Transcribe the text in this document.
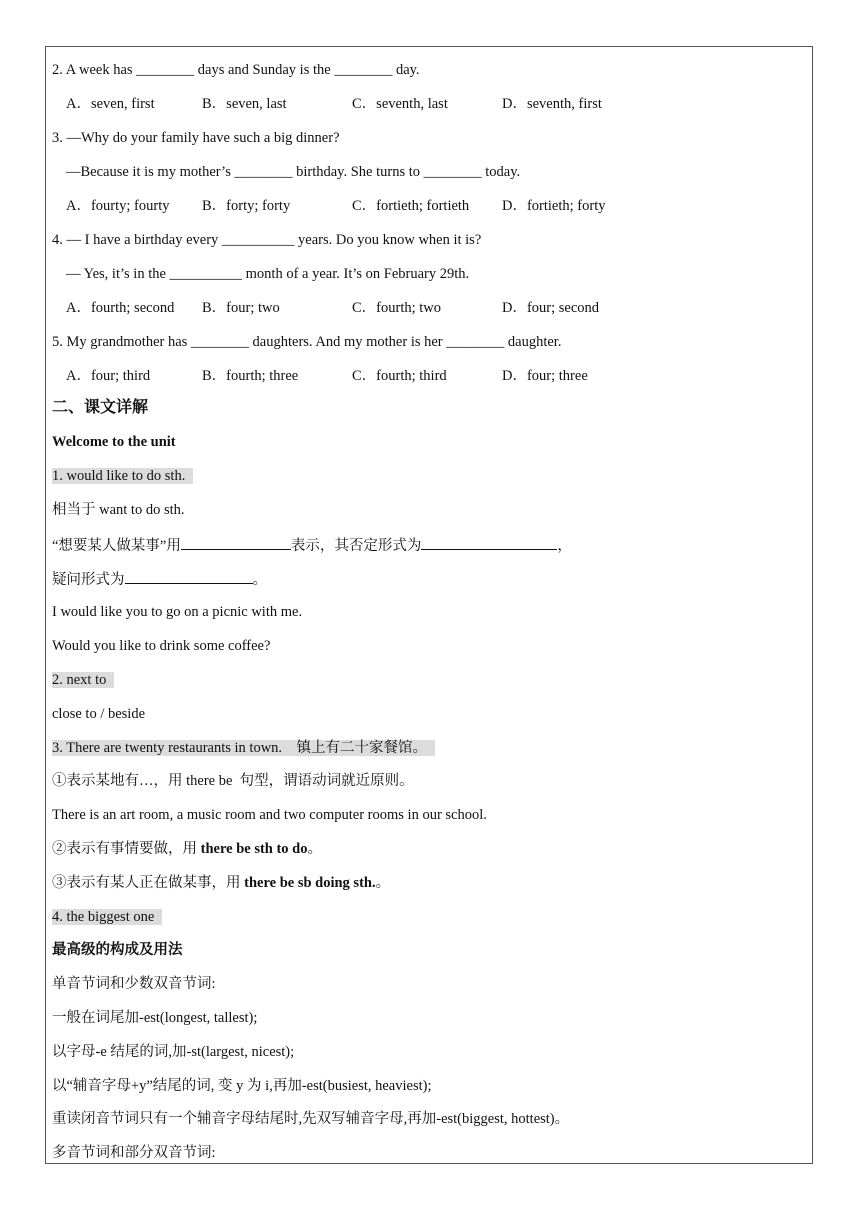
2. A week has ________ days and Sunday is the ________ day.
A．seven, first	B．seven, last	C．seventh, last	D．seventh, first
3. —Why do your family have such a big dinner?
—Because it is my mother’s ________ birthday. She turns to ________ today.
A．fourty; fourty B．forty; forty	C．fortieth; fortieth D．fortieth; forty
4. — I have a birthday every __________ years. Do you know when it is?
— Yes, it’s in the __________ month of a year. It’s on February 29th.
A．fourth; second B．four; two	C．fourth; two	D．four; second
5. My grandmother has ________ daughters. And my mother is her ________ daughter.
A．four; third	B．fourth; three	C．fourth; third	D．four; three
二、课文详解
Welcome to the unit
1. would like to do sth.
相当于 want to do sth.
“想要某人做某事”用	表示，其否定形式为	，
疑问形式为	。
I would like you to go on a picnic with me.
Would you like to drink some coffee?
2. next to
close to / beside
3. There are twenty restaurants in town.    镇上有二十家餐馆。
①表示某地有…，用 there be  句型，谓语动词就近原则。
There is an art room, a music room and two computer rooms in our school.
②表示有事情要做，用 there be sth to do。
③表示有某人正在做某事，用 there be sb doing sth.。
4. the biggest one
最高级的构成及用法
单音节词和少数双音节词:
一般在词尾加-est(longest, tallest);
以字母-e 结尾的词,加-st(largest, nicest);
以“辅音字母+y”结尾的词, 变 y 为 i,再加-est(busiest, heaviest);
重读闭音节词只有一个辅音字母结尾时,先双写辅音字母,再加-est(biggest, hottest)。
多音节词和部分双音节词:
